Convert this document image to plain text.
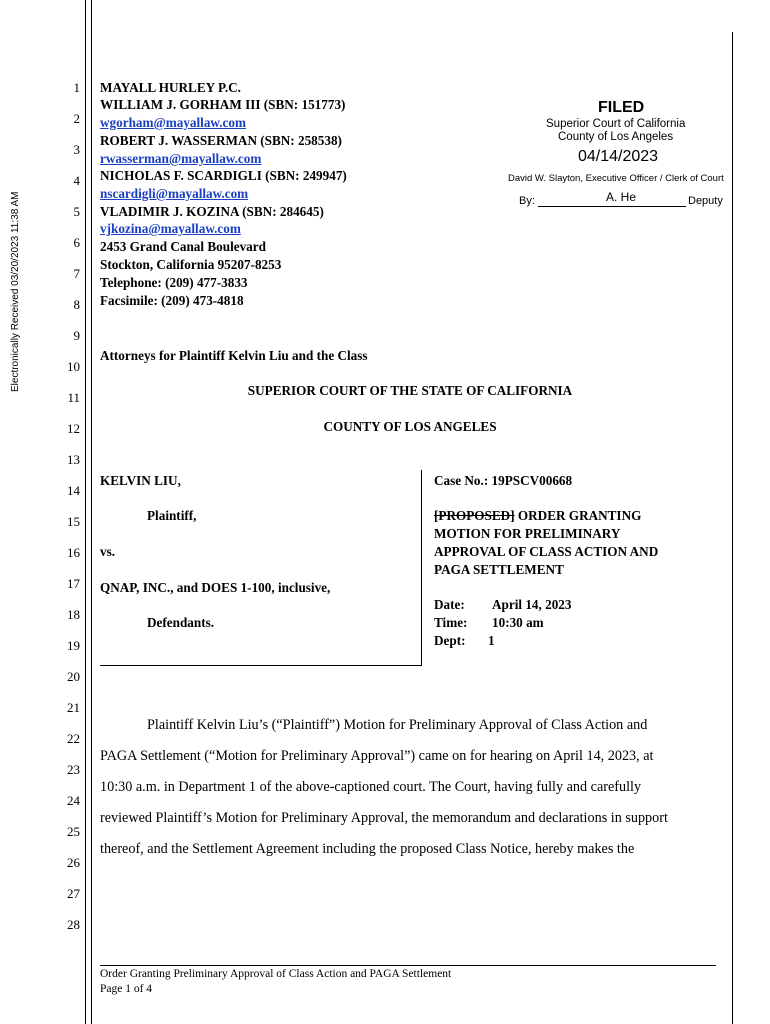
Electronically Received 03/20/2023 11:38 AM
1
2
3
4
5
6
7
8
9
10
11
12
13
14
15
16
17
18
19
20
21
22
23
24
25
26
27
28
MAYALL HURLEY P.C.
WILLIAM J. GORHAM III (SBN: 151773)
wgorham@mayallaw.com
ROBERT J. WASSERMAN (SBN: 258538)
rwasserman@mayallaw.com
NICHOLAS F. SCARDIGLI (SBN: 249947)
nscardigli@mayallaw.com
VLADIMIR J. KOZINA (SBN: 284645)
vjkozina@mayallaw.com
2453 Grand Canal Boulevard
Stockton, California 95207-8253
Telephone: (209) 477-3833
Facsimile: (209) 473-4818
FILED
Superior Court of California
County of Los Angeles
04/14/2023
David W. Slayton, Executive Officer / Clerk of Court
By:	A. He	Deputy
Attorneys for Plaintiff Kelvin Liu and the Class
SUPERIOR COURT OF THE STATE OF CALIFORNIA
COUNTY OF LOS ANGELES
KELVIN LIU,
Plaintiff,
vs.
QNAP, INC., and DOES 1-100, inclusive,
Defendants.
Case No.: 19PSCV00668
[PROPOSED] ORDER GRANTING
MOTION FOR PRELIMINARY
APPROVAL OF CLASS ACTION AND
PAGA SETTLEMENT
Date: April 14, 2023
Time: 10:30 am
Dept: 1
Plaintiff Kelvin Liu’s (“Plaintiff”) Motion for Preliminary Approval of Class Action and
PAGA Settlement (“Motion for Preliminary Approval”) came on for hearing on April 14, 2023, at
10:30 a.m. in Department 1 of the above-captioned court. The Court, having fully and carefully
reviewed Plaintiff’s Motion for Preliminary Approval, the memorandum and declarations in support
thereof, and the Settlement Agreement including the proposed Class Notice, hereby makes the
Order Granting Preliminary Approval of Class Action and PAGA Settlement
Page 1 of 4
